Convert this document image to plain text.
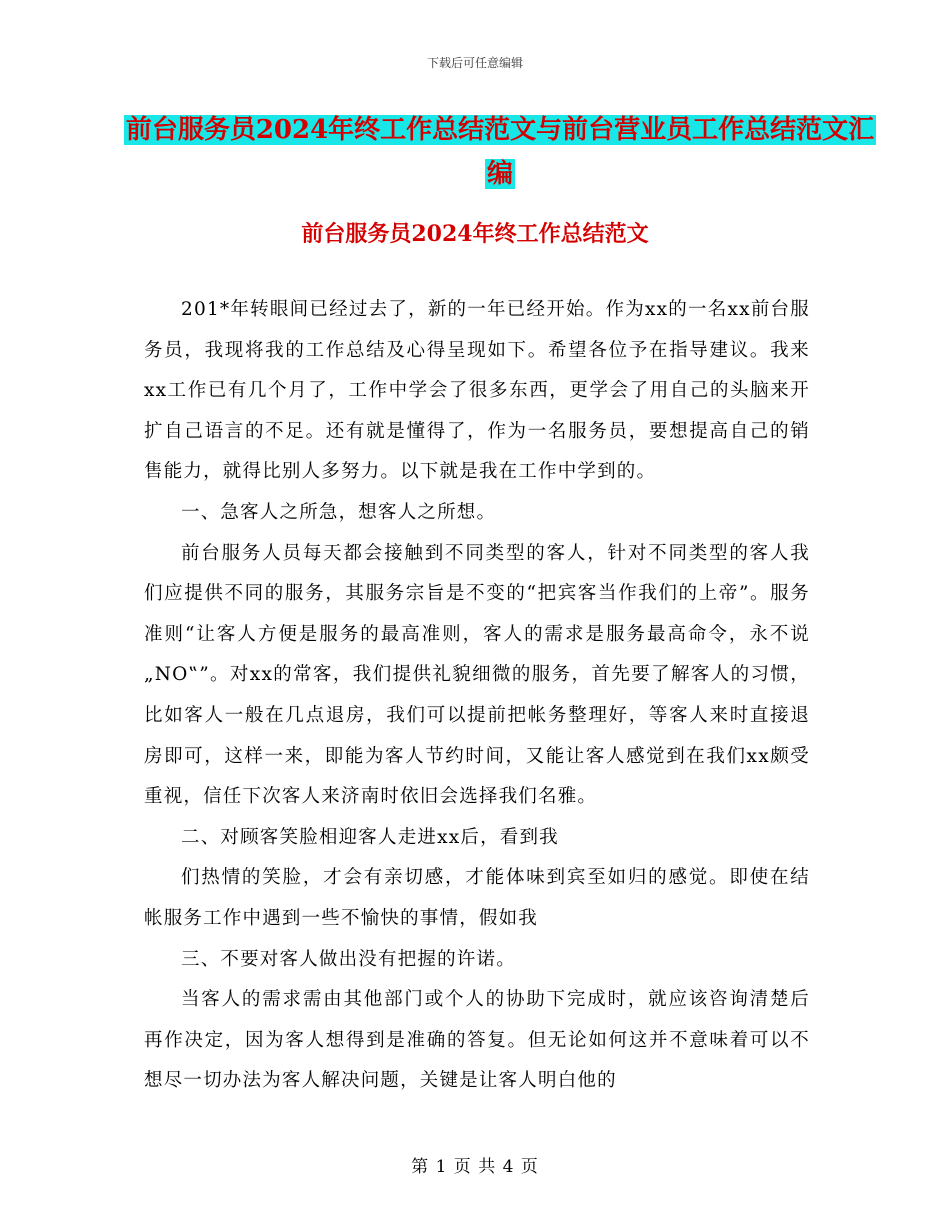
下载后可任意编辑
前台服务员2024年终工作总结范文与前台营业员工作总结范文汇编
前台服务员2024年终工作总结范文

201*年转眼间已经过去了，新的一年已经开始。作为xx的一名xx前台服务员，我现将我的工作总结及心得呈现如下。希望各位予在指导建议。我来xx工作已有几个月了，工作中学会了很多东西，更学会了用自己的头脑来开扩自己语言的不足。还有就是懂得了，作为一名服务员，要想提高自己的销售能力，就得比别人多努力。以下就是我在工作中学到的。

一、急客人之所急，想客人之所想。

前台服务人员每天都会接触到不同类型的客人，针对不同类型的客人我们应提供不同的服务，其服务宗旨是不变的“把宾客当作我们的上帝”。服务准则“让客人方便是服务的最高准则，客人的需求是服务最高命令，永不说„NO‟”。对xx的常客，我们提供礼貌细微的服务，首先要了解客人的习惯，比如客人一般在几点退房，我们可以提前把帐务整理好，等客人来时直接退房即可，这样一来，即能为客人节约时间，又能让客人感觉到在我们xx颇受重视，信任下次客人来济南时依旧会选择我们名雅。

二、对顾客笑脸相迎客人走进xx后，看到我

们热情的笑脸，才会有亲切感，才能体味到宾至如归的感觉。即使在结帐服务工作中遇到一些不愉快的事情，假如我

三、不要对客人做出没有把握的许诺。

当客人的需求需由其他部门或个人的协助下完成时，就应该咨询清楚后再作决定，因为客人想得到是准确的答复。但无论如何这并不意味着可以不想尽一切办法为客人解决问题，关键是让客人明白他的

第 1 页 共 4 页
